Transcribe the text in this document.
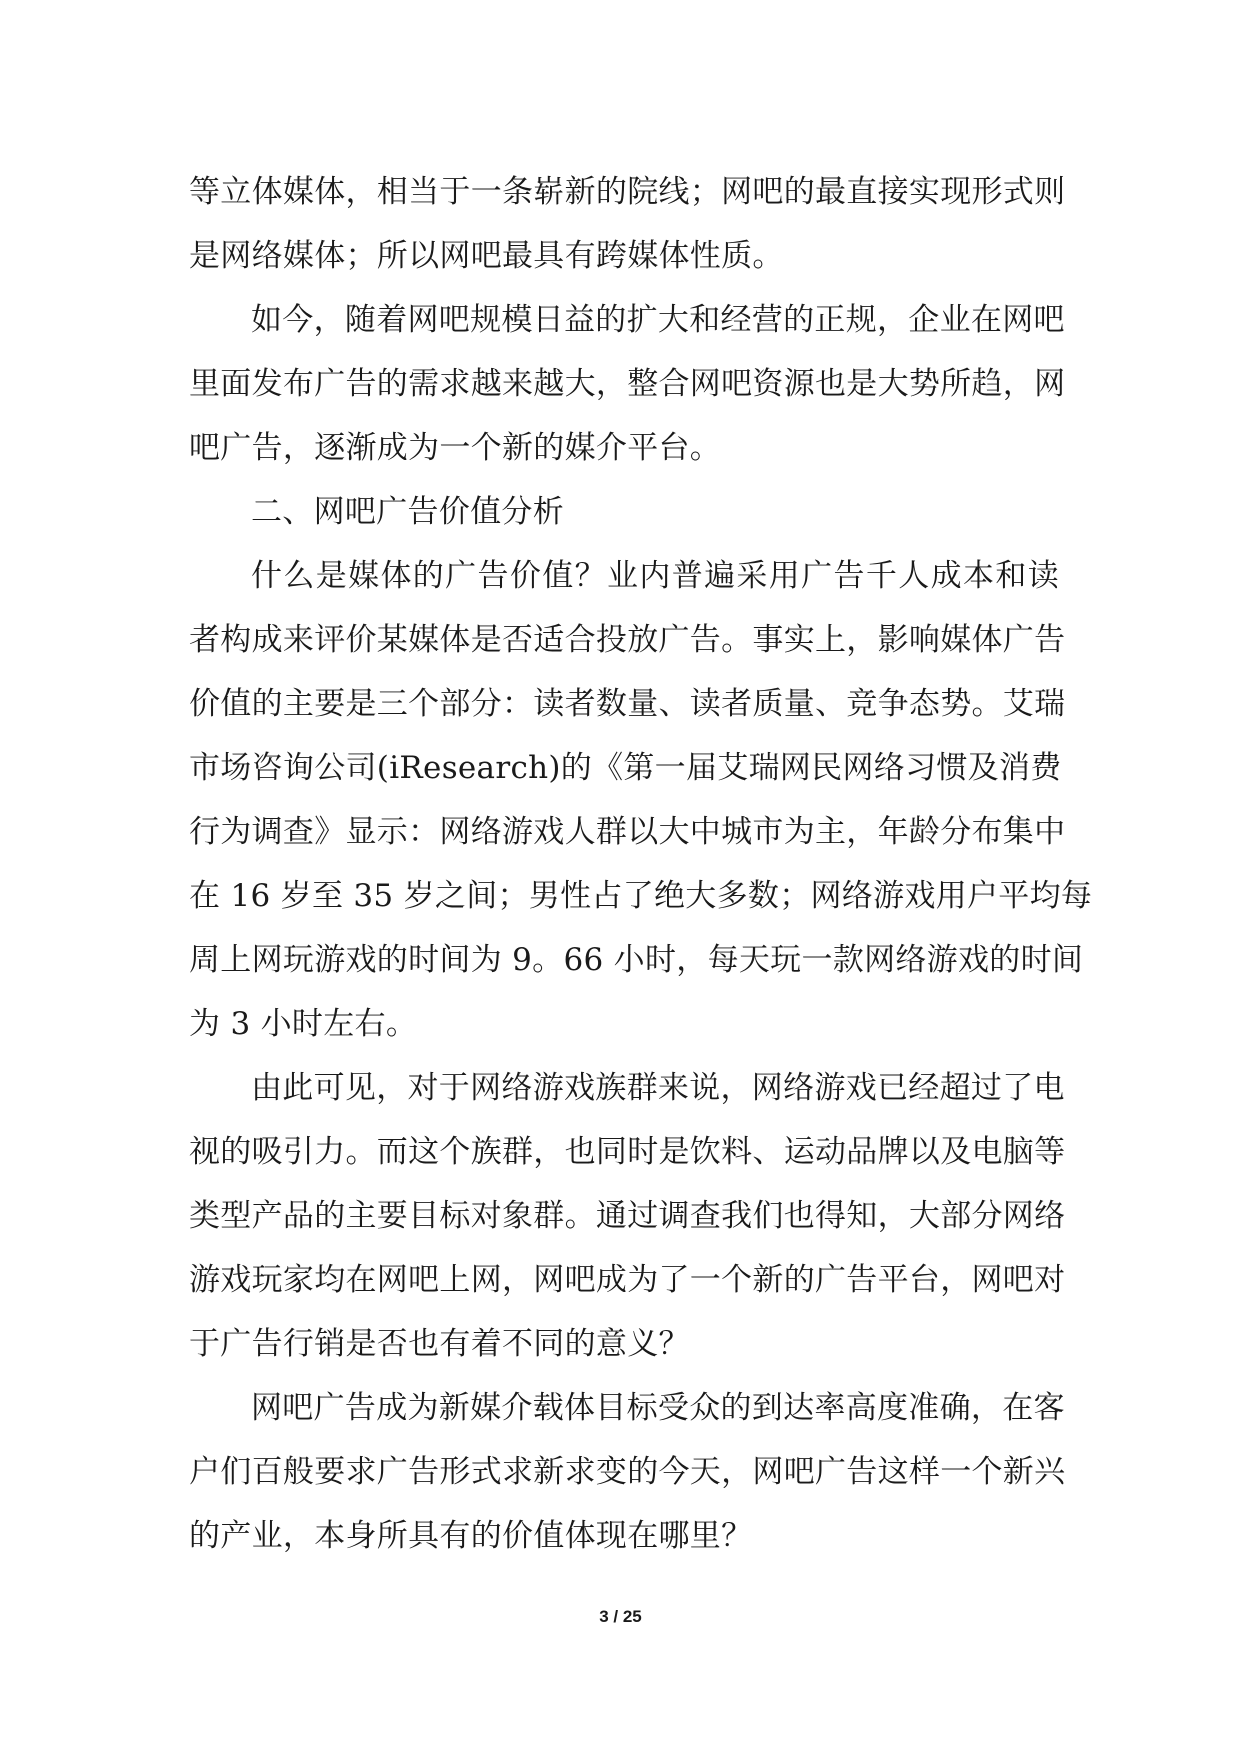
等立体媒体，相当于一条崭新的院线；网吧的最直接实现形式则
是网络媒体；所以网吧最具有跨媒体性质。
如今，随着网吧规模日益的扩大和经营的正规，企业在网吧
里面发布广告的需求越来越大，整合网吧资源也是大势所趋，网
吧广告，逐渐成为一个新的媒介平台。
二、网吧广告价值分析
什么是媒体的广告价值？业内普遍采用广告千人成本和读
者构成来评价某媒体是否适合投放广告。事实上，影响媒体广告
价值的主要是三个部分：读者数量、读者质量、竞争态势。艾瑞
市场咨询公司(iResearch)的《第一届艾瑞网民网络习惯及消费
行为调查》显示：网络游戏人群以大中城市为主，年龄分布集中
在 16 岁至 35 岁之间；男性占了绝大多数；网络游戏用户平均每
周上网玩游戏的时间为 9。66 小时，每天玩一款网络游戏的时间
为 3 小时左右。
由此可见，对于网络游戏族群来说，网络游戏已经超过了电
视的吸引力。而这个族群，也同时是饮料、运动品牌以及电脑等
类型产品的主要目标对象群。通过调查我们也得知，大部分网络
游戏玩家均在网吧上网，网吧成为了一个新的广告平台，网吧对
于广告行销是否也有着不同的意义？
网吧广告成为新媒介载体目标受众的到达率高度准确，在客
户们百般要求广告形式求新求变的今天，网吧广告这样一个新兴
的产业，本身所具有的价值体现在哪里？
3 / 25
